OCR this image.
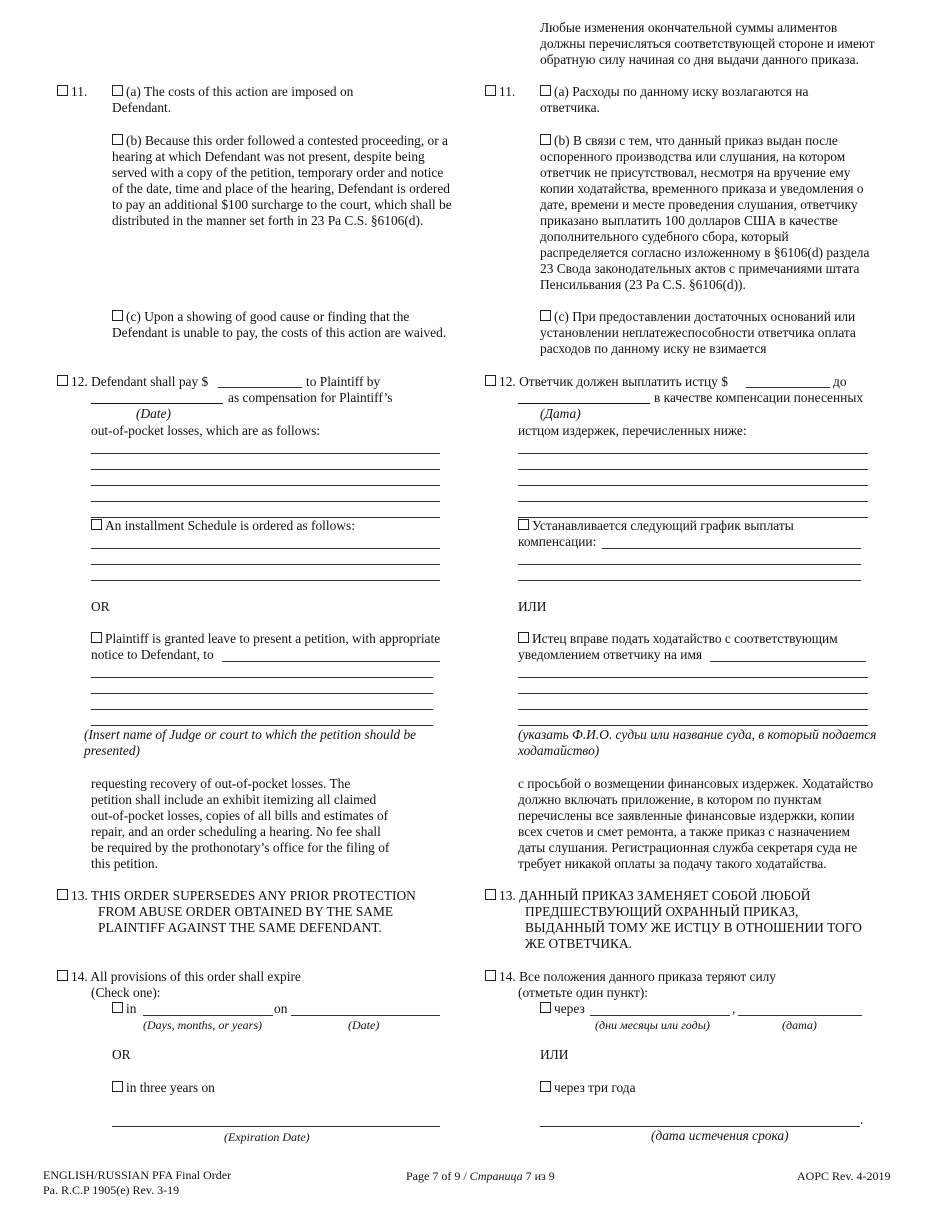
Любые изменения окончательной суммы алиментов
должны перечисляться соответствующей стороне и имеют
обратную силу начиная со дня выдачи данного приказа.
11.	(a) The costs of this action are imposed on
Defendant.
(b) Because this order followed a contested proceeding, or a
hearing at which Defendant was not present, despite being
served with a copy of the petition, temporary order and notice
of the date, time and place of the hearing, Defendant is ordered
to pay an additional $100 surcharge to the court, which shall be
distributed in the manner set forth in 23 Pa C.S. §6106(d).
(c) Upon a showing of good cause or finding that the
Defendant is unable to pay, the costs of this action are waived.
11.	(a) Расходы по данному иску возлагаются на
ответчика.
(b) В связи с тем, что данный приказ выдан после
оспоренного производства или слушания, на котором
ответчик не присутствовал, несмотря на вручение ему
копии ходатайства, временного приказа и уведомления о
дате, времени и месте проведения слушания, ответчику
приказано выплатить 100 долларов США в качестве
дополнительного судебного сбора, который
распределяется согласно изложенному в §6106(d) раздела
23 Свода законодательных актов с примечаниями штата
Пенсильвания (23 Pa C.S. §6106(d)).
(c) При предоставлении достаточных оснований или
установлении неплатежеспособности ответчика оплата
расходов по данному иску не взимается
12. Defendant shall pay $	to Plaintiff by
as compensation for Plaintiff’s
(Date)
out-of-pocket losses, which are as follows:
An installment Schedule is ordered as follows:
OR
Plaintiff is granted leave to present a petition, with appropriate
notice to Defendant, to
(Insert name of Judge or court to which the petition should be
presented)
requesting recovery of out-of-pocket losses. The
petition shall include an exhibit itemizing all claimed
out-of-pocket losses, copies of all bills and estimates of
repair, and an order scheduling a hearing. No fee shall
be required by the prothonotary’s office for the filing of
this petition.
12. Ответчик должен выплатить истцу $	до
в качестве компенсации понесенных
(Дата)
истцом издержек, перечисленных ниже:
Устанавливается следующий график выплаты
компенсации:
ИЛИ
Истец вправе подать ходатайство с соответствующим
уведомлением ответчику на имя
(указать Ф.И.О. судьи или название суда, в который подается
ходатайство)
с просьбой о возмещении финансовых издержек. Ходатайство
должно включать приложение, в котором по пунктам
перечислены все заявленные финансовые издержки, копии
всех счетов и смет ремонта, а также приказ с назначением
даты слушания. Регистрационная служба секретаря суда не
требует никакой оплаты за подачу такого ходатайства.
13. THIS ORDER SUPERSEDES ANY PRIOR PROTECTION
FROM ABUSE ORDER OBTAINED BY THE SAME
PLAINTIFF AGAINST THE SAME DEFENDANT.
13. ДАННЫЙ ПРИКАЗ ЗАМЕНЯЕТ СОБОЙ ЛЮБОЙ
ПРЕДШЕСТВУЮЩИЙ ОХРАННЫЙ ПРИКАЗ,
ВЫДАННЫЙ ТОМУ ЖЕ ИСТЦУ В ОТНОШЕНИИ ТОГО
ЖЕ ОТВЕТЧИКА.
14. All provisions of this order shall expire
(Check one):
in	on
(Days, months, or years)	(Date)
OR
in three years on
(Expiration Date)
14. Все положения данного приказа теряют силу
(отметьте один пункт):
через	,
(дни месяцы или годы)	(дата)
ИЛИ
через три года
.
(дата истечения срока)
ENGLISH/RUSSIAN PFA Final Order
Pa. R.C.P 1905(e) Rev. 3-19
Page 7 of 9 / Страница 7 из 9	AOPC Rev. 4-2019
